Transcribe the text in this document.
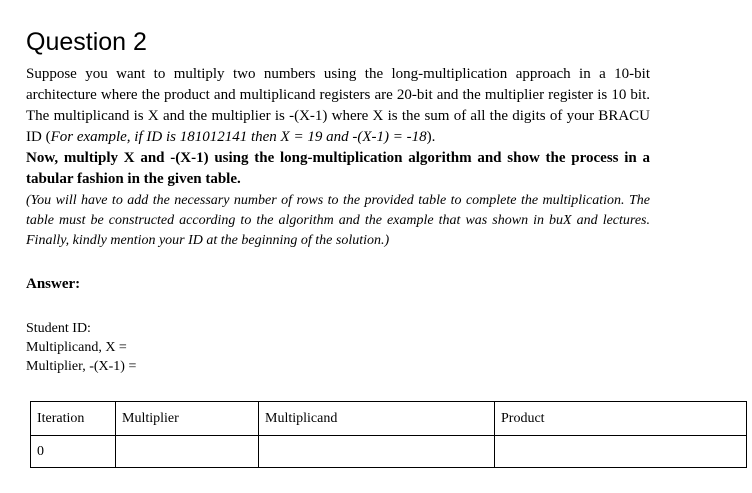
Question 2
Suppose you want to multiply two numbers using the long-multiplication approach in a 10-bit architecture where the product and multiplicand registers are 20-bit and the multiplier register is 10 bit. The multiplicand is X and the multiplier is -(X-1) where X is the sum of all the digits of your BRACU ID (For example, if ID is 181012141 then X = 19 and -(X-1) = -18).
Now, multiply X and -(X-1) using the long-multiplication algorithm and show the process in a tabular fashion in the given table.
(You will have to add the necessary number of rows to the provided table to complete the multiplication. The table must be constructed according to the algorithm and the example that was shown in buX and lectures. Finally, kindly mention your ID at the beginning of the solution.)
Answer:
Student ID:
Multiplicand, X =
Multiplier, -(X-1) =
Iteration	Multiplier	Multiplicand	Product
0			
